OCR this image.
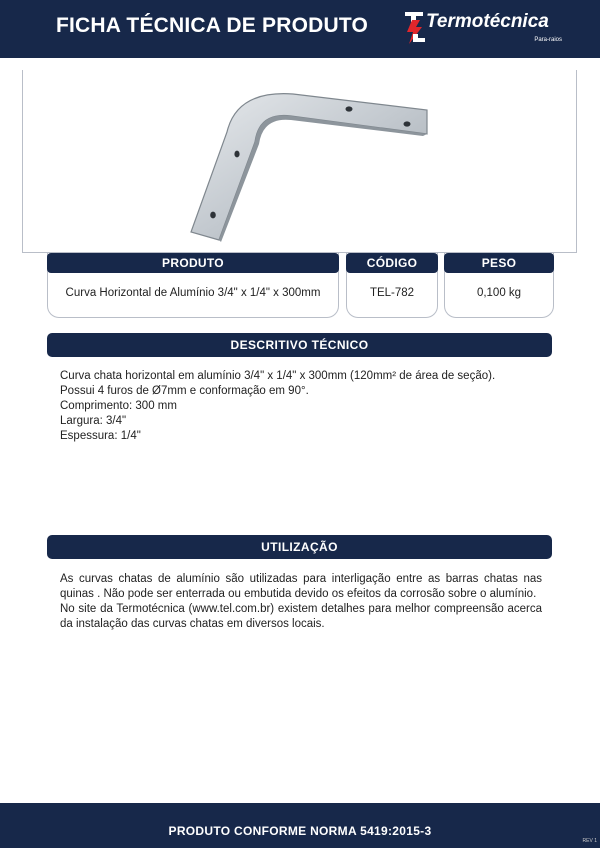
FICHA TÉCNICA DE PRODUTO	Termotécnica
Para-raios
PRODUTO
Curva Horizontal de Alumínio 3/4" x 1/4" x 300mm
CÓDIGO
TEL-782
PESO
0,100 kg
DESCRITIVO TÉCNICO
Curva chata horizontal em alumínio 3/4" x 1/4" x 300mm (120mm² de área de seção).
Possui 4 furos de Ø7mm e conformação em 90°.
Comprimento: 300 mm
Largura: 3/4"
Espessura: 1/4"
UTILIZAÇÃO

As curvas chatas de alumínio são utilizadas para interligação entre as barras chatas nas quinas . Não pode ser enterrada ou embutida devido os efeitos da corrosão sobre o alumínio.

No site da Termotécnica (www.tel.com.br) existem detalhes para melhor compreensão acerca da instalação das curvas chatas em diversos locais.

PRODUTO CONFORME NORMA 5419:2015-3
REV 1
